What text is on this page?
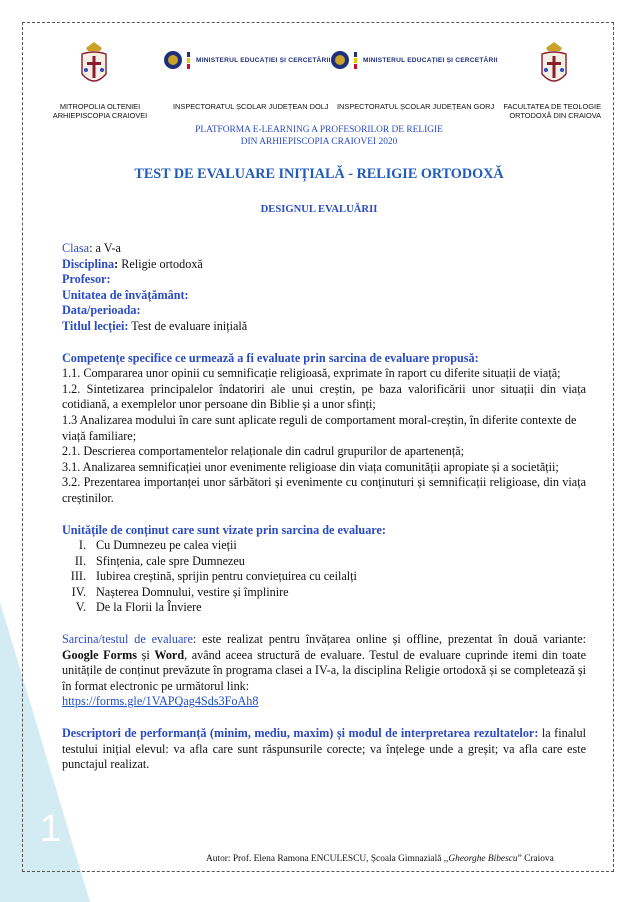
1
MINISTERUL EDUCAȚIEI ȘI CERCETĂRII	MINISTERUL EDUCAȚIEI ȘI CERCETĂRII
MITROPOLIA OLTENIEI
ARHIEPISCOPIA CRAIOVEI
INSPECTORATUL ȘCOLAR JUDEȚEAN DOLJ INSPECTORATUL ȘCOLAR JUDEȚEAN GORJ	FACULTATEA DE TEOLOGIE
ORTODOXĂ DIN CRAIOVA
PLATFORMA E-LEARNING A PROFESORILOR DE RELIGIE
DIN ARHIEPISCOPIA CRAIOVEI 2020
TEST DE EVALUARE INIȚIALĂ - RELIGIE ORTODOXĂ
DESIGNUL EVALUĂRII

Clasa: a V-a

Disciplina: Religie ortodoxă

Profesor:

Unitatea de învățământ:

Data/perioada:

Titlul lecției: Test de evaluare inițială

Competențe specifice ce urmează a fi evaluate prin sarcina de evaluare propusă:

1.1. Compararea unor opinii cu semnificație religioasă, exprimate în raport cu diferite situații de viață;

1.2. Sintetizarea principalelor îndatoriri ale unui creștin, pe baza valorificării unor situații din viața cotidiană, a exemplelor unor persoane din Biblie și a unor sfinți;

1.3 Analizarea modului în care sunt aplicate reguli de comportament moral-creștin, în diferite contexte de viață familiare;

2.1. Descrierea comportamentelor relaționale din cadrul grupurilor de apartenență;

3.1. Analizarea semnificației unor evenimente religioase din viața comunității apropiate și a societății;

3.2. Prezentarea importanței unor sărbători și evenimente cu conținuturi și semnificații religioase, din viața creștinilor.

Unitățile de conținut care sunt vizate prin sarcina de evaluare:

I. Cu Dumnezeu pe calea vieții
II. Sfințenia, cale spre Dumnezeu
III. Iubirea creștină, sprijin pentru conviețuirea cu ceilalți
IV. Nașterea Domnului, vestire și împlinire
V. De la Florii la Înviere

Sarcina/testul de evaluare: este realizat pentru învățarea online și offline, prezentat în două variante: Google Forms și Word, având aceea structură de evaluare. Testul de evaluare cuprinde itemi din toate unitățile de conținut prevăzute în programa clasei a IV-a, la disciplina Religie ortodoxă și se completează și în format electronic pe următorul link:

https://forms.gle/1VAPQag4Sds3FoAh8

Descriptori de performanță (minim, mediu, maxim) și modul de interpretarea rezultatelor: la finalul testului inițial elevul: va afla care sunt răspunsurile corecte; va înțelege unde a greșit; va afla care este punctajul realizat.

Autor: Prof. Elena Ramona ENCULESCU, Școala Gimnazială ,,Gheorghe Bibescu” Craiova
